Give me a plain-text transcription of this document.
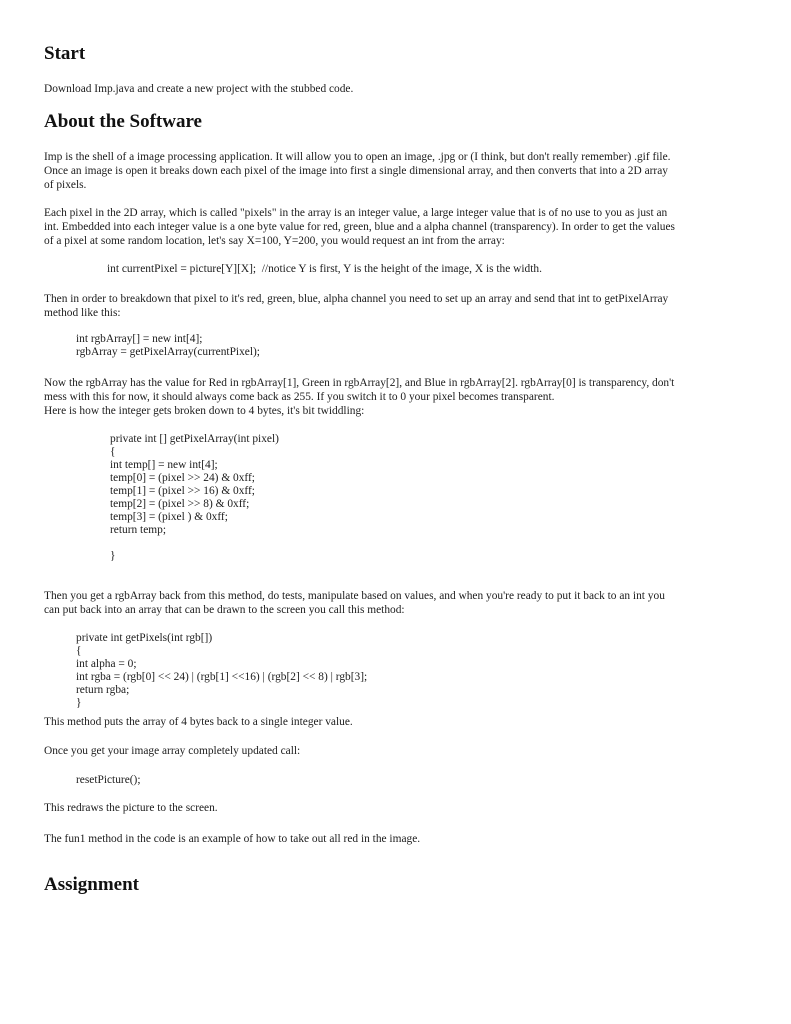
Start

Download Imp.java and create a new project with the stubbed code.

About the Software

Imp is the shell of a image processing application. It will allow you to open an image, .jpg or (I think, but don't really remember) .gif file.
Once an image is open it breaks down each pixel of the image into first a single dimensional array, and then converts that into a 2D array
of pixels.

Each pixel in the 2D array, which is called "pixels" in the array is an integer value, a large integer value that is of no use to you as just an
int. Embedded into each integer value is a one byte value for red, green, blue and a alpha channel (transparency). In order to get the values
of a pixel at some random location, let's say X=100, Y=200, you would request an int from the array:

int currentPixel = picture[Y][X];  //notice Y is first, Y is the height of the image, X is the width.

Then in order to breakdown that pixel to it's red, green, blue, alpha channel you need to set up an array and send that int to getPixelArray
method like this:

int rgbArray[] = new int[4];
rgbArray = getPixelArray(currentPixel);

Now the rgbArray has the value for Red in rgbArray[1], Green in rgbArray[2], and Blue in rgbArray[2]. rgbArray[0] is transparency, don't
mess with this for now, it should always come back as 255. If you switch it to 0 your pixel becomes transparent.
Here is how the integer gets broken down to 4 bytes, it's bit twiddling:

private int [] getPixelArray(int pixel)
{
int temp[] = new int[4];
temp[0] = (pixel >> 24) & 0xff;
temp[1] = (pixel >> 16) & 0xff;
temp[2] = (pixel >> 8) & 0xff;
temp[3] = (pixel ) & 0xff;
return temp;
}

Then you get a rgbArray back from this method, do tests, manipulate based on values, and when you're ready to put it back to an int you
can put back into an array that can be drawn to the screen you call this method:

private int getPixels(int rgb[])
{
int alpha = 0;
int rgba = (rgb[0] << 24) | (rgb[1] <<16) | (rgb[2] << 8) | rgb[3];
return rgba;
}

This method puts the array of 4 bytes back to a single integer value.

Once you get your image array completely updated call:

resetPicture();

This redraws the picture to the screen.

The fun1 method in the code is an example of how to take out all red in the image.

Assignment
